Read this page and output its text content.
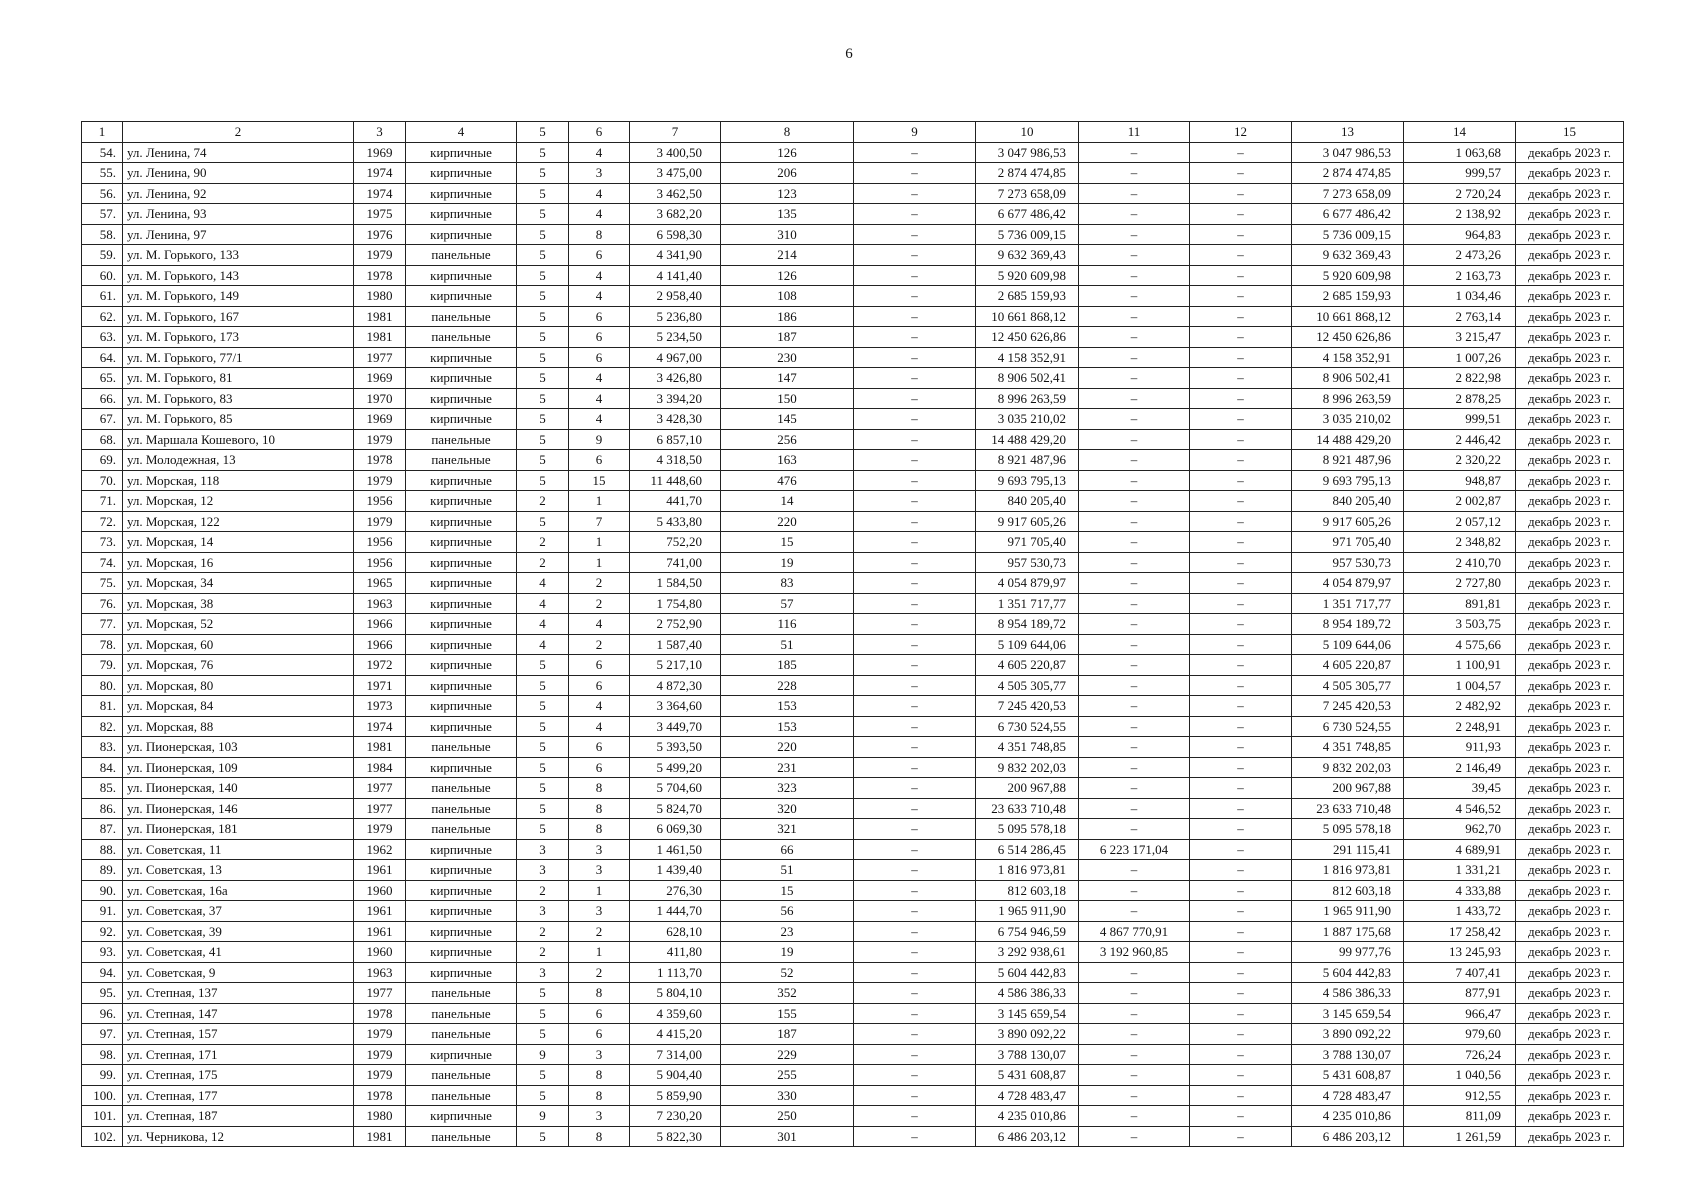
6
1	2	3	4	5	6	7	8	9	10	11	12	13	14	15
54.	ул. Ленина, 74	1969	кирпичные	5	4	3 400,50	126	–	3 047 986,53	–	–	3 047 986,53	1 063,68	декабрь 2023 г.
55.	ул. Ленина, 90	1974	кирпичные	5	3	3 475,00	206	–	2 874 474,85	–	–	2 874 474,85	999,57	декабрь 2023 г.
56.	ул. Ленина, 92	1974	кирпичные	5	4	3 462,50	123	–	7 273 658,09	–	–	7 273 658,09	2 720,24	декабрь 2023 г.
57.	ул. Ленина, 93	1975	кирпичные	5	4	3 682,20	135	–	6 677 486,42	–	–	6 677 486,42	2 138,92	декабрь 2023 г.
58.	ул. Ленина, 97	1976	кирпичные	5	8	6 598,30	310	–	5 736 009,15	–	–	5 736 009,15	964,83	декабрь 2023 г.
59.	ул. М. Горького, 133	1979	панельные	5	6	4 341,90	214	–	9 632 369,43	–	–	9 632 369,43	2 473,26	декабрь 2023 г.
60.	ул. М. Горького, 143	1978	кирпичные	5	4	4 141,40	126	–	5 920 609,98	–	–	5 920 609,98	2 163,73	декабрь 2023 г.
61.	ул. М. Горького, 149	1980	кирпичные	5	4	2 958,40	108	–	2 685 159,93	–	–	2 685 159,93	1 034,46	декабрь 2023 г.
62.	ул. М. Горького, 167	1981	панельные	5	6	5 236,80	186	–	10 661 868,12	–	–	10 661 868,12	2 763,14	декабрь 2023 г.
63.	ул. М. Горького, 173	1981	панельные	5	6	5 234,50	187	–	12 450 626,86	–	–	12 450 626,86	3 215,47	декабрь 2023 г.
64.	ул. М. Горького, 77/1	1977	кирпичные	5	6	4 967,00	230	–	4 158 352,91	–	–	4 158 352,91	1 007,26	декабрь 2023 г.
65.	ул. М. Горького, 81	1969	кирпичные	5	4	3 426,80	147	–	8 906 502,41	–	–	8 906 502,41	2 822,98	декабрь 2023 г.
66.	ул. М. Горького, 83	1970	кирпичные	5	4	3 394,20	150	–	8 996 263,59	–	–	8 996 263,59	2 878,25	декабрь 2023 г.
67.	ул. М. Горького, 85	1969	кирпичные	5	4	3 428,30	145	–	3 035 210,02	–	–	3 035 210,02	999,51	декабрь 2023 г.
68.	ул. Маршала Кошевого, 10	1979	панельные	5	9	6 857,10	256	–	14 488 429,20	–	–	14 488 429,20	2 446,42	декабрь 2023 г.
69.	ул. Молодежная, 13	1978	панельные	5	6	4 318,50	163	–	8 921 487,96	–	–	8 921 487,96	2 320,22	декабрь 2023 г.
70.	ул. Морская, 118	1979	кирпичные	5	15	11 448,60	476	–	9 693 795,13	–	–	9 693 795,13	948,87	декабрь 2023 г.
71.	ул. Морская, 12	1956	кирпичные	2	1	441,70	14	–	840 205,40	–	–	840 205,40	2 002,87	декабрь 2023 г.
72.	ул. Морская, 122	1979	кирпичные	5	7	5 433,80	220	–	9 917 605,26	–	–	9 917 605,26	2 057,12	декабрь 2023 г.
73.	ул. Морская, 14	1956	кирпичные	2	1	752,20	15	–	971 705,40	–	–	971 705,40	2 348,82	декабрь 2023 г.
74.	ул. Морская, 16	1956	кирпичные	2	1	741,00	19	–	957 530,73	–	–	957 530,73	2 410,70	декабрь 2023 г.
75.	ул. Морская, 34	1965	кирпичные	4	2	1 584,50	83	–	4 054 879,97	–	–	4 054 879,97	2 727,80	декабрь 2023 г.
76.	ул. Морская, 38	1963	кирпичные	4	2	1 754,80	57	–	1 351 717,77	–	–	1 351 717,77	891,81	декабрь 2023 г.
77.	ул. Морская, 52	1966	кирпичные	4	4	2 752,90	116	–	8 954 189,72	–	–	8 954 189,72	3 503,75	декабрь 2023 г.
78.	ул. Морская, 60	1966	кирпичные	4	2	1 587,40	51	–	5 109 644,06	–	–	5 109 644,06	4 575,66	декабрь 2023 г.
79.	ул. Морская, 76	1972	кирпичные	5	6	5 217,10	185	–	4 605 220,87	–	–	4 605 220,87	1 100,91	декабрь 2023 г.
80.	ул. Морская, 80	1971	кирпичные	5	6	4 872,30	228	–	4 505 305,77	–	–	4 505 305,77	1 004,57	декабрь 2023 г.
81.	ул. Морская, 84	1973	кирпичные	5	4	3 364,60	153	–	7 245 420,53	–	–	7 245 420,53	2 482,92	декабрь 2023 г.
82.	ул. Морская, 88	1974	кирпичные	5	4	3 449,70	153	–	6 730 524,55	–	–	6 730 524,55	2 248,91	декабрь 2023 г.
83.	ул. Пионерская, 103	1981	панельные	5	6	5 393,50	220	–	4 351 748,85	–	–	4 351 748,85	911,93	декабрь 2023 г.
84.	ул. Пионерская, 109	1984	кирпичные	5	6	5 499,20	231	–	9 832 202,03	–	–	9 832 202,03	2 146,49	декабрь 2023 г.
85.	ул. Пионерская, 140	1977	панельные	5	8	5 704,60	323	–	200 967,88	–	–	200 967,88	39,45	декабрь 2023 г.
86.	ул. Пионерская, 146	1977	панельные	5	8	5 824,70	320	–	23 633 710,48	–	–	23 633 710,48	4 546,52	декабрь 2023 г.
87.	ул. Пионерская, 181	1979	панельные	5	8	6 069,30	321	–	5 095 578,18	–	–	5 095 578,18	962,70	декабрь 2023 г.
88.	ул. Советская, 11	1962	кирпичные	3	3	1 461,50	66	–	6 514 286,45	6 223 171,04	–	291 115,41	4 689,91	декабрь 2023 г.
89.	ул. Советская, 13	1961	кирпичные	3	3	1 439,40	51	–	1 816 973,81	–	–	1 816 973,81	1 331,21	декабрь 2023 г.
90.	ул. Советская, 16а	1960	кирпичные	2	1	276,30	15	–	812 603,18	–	–	812 603,18	4 333,88	декабрь 2023 г.
91.	ул. Советская, 37	1961	кирпичные	3	3	1 444,70	56	–	1 965 911,90	–	–	1 965 911,90	1 433,72	декабрь 2023 г.
92.	ул. Советская, 39	1961	кирпичные	2	2	628,10	23	–	6 754 946,59	4 867 770,91	–	1 887 175,68	17 258,42	декабрь 2023 г.
93.	ул. Советская, 41	1960	кирпичные	2	1	411,80	19	–	3 292 938,61	3 192 960,85	–	99 977,76	13 245,93	декабрь 2023 г.
94.	ул. Советская, 9	1963	кирпичные	3	2	1 113,70	52	–	5 604 442,83	–	–	5 604 442,83	7 407,41	декабрь 2023 г.
95.	ул. Степная, 137	1977	панельные	5	8	5 804,10	352	–	4 586 386,33	–	–	4 586 386,33	877,91	декабрь 2023 г.
96.	ул. Степная, 147	1978	панельные	5	6	4 359,60	155	–	3 145 659,54	–	–	3 145 659,54	966,47	декабрь 2023 г.
97.	ул. Степная, 157	1979	панельные	5	6	4 415,20	187	–	3 890 092,22	–	–	3 890 092,22	979,60	декабрь 2023 г.
98.	ул. Степная, 171	1979	кирпичные	9	3	7 314,00	229	–	3 788 130,07	–	–	3 788 130,07	726,24	декабрь 2023 г.
99.	ул. Степная, 175	1979	панельные	5	8	5 904,40	255	–	5 431 608,87	–	–	5 431 608,87	1 040,56	декабрь 2023 г.
100.	ул. Степная, 177	1978	панельные	5	8	5 859,90	330	–	4 728 483,47	–	–	4 728 483,47	912,55	декабрь 2023 г.
101.	ул. Степная, 187	1980	кирпичные	9	3	7 230,20	250	–	4 235 010,86	–	–	4 235 010,86	811,09	декабрь 2023 г.
102.	ул. Черникова, 12	1981	панельные	5	8	5 822,30	301	–	6 486 203,12	–	–	6 486 203,12	1 261,59	декабрь 2023 г.
